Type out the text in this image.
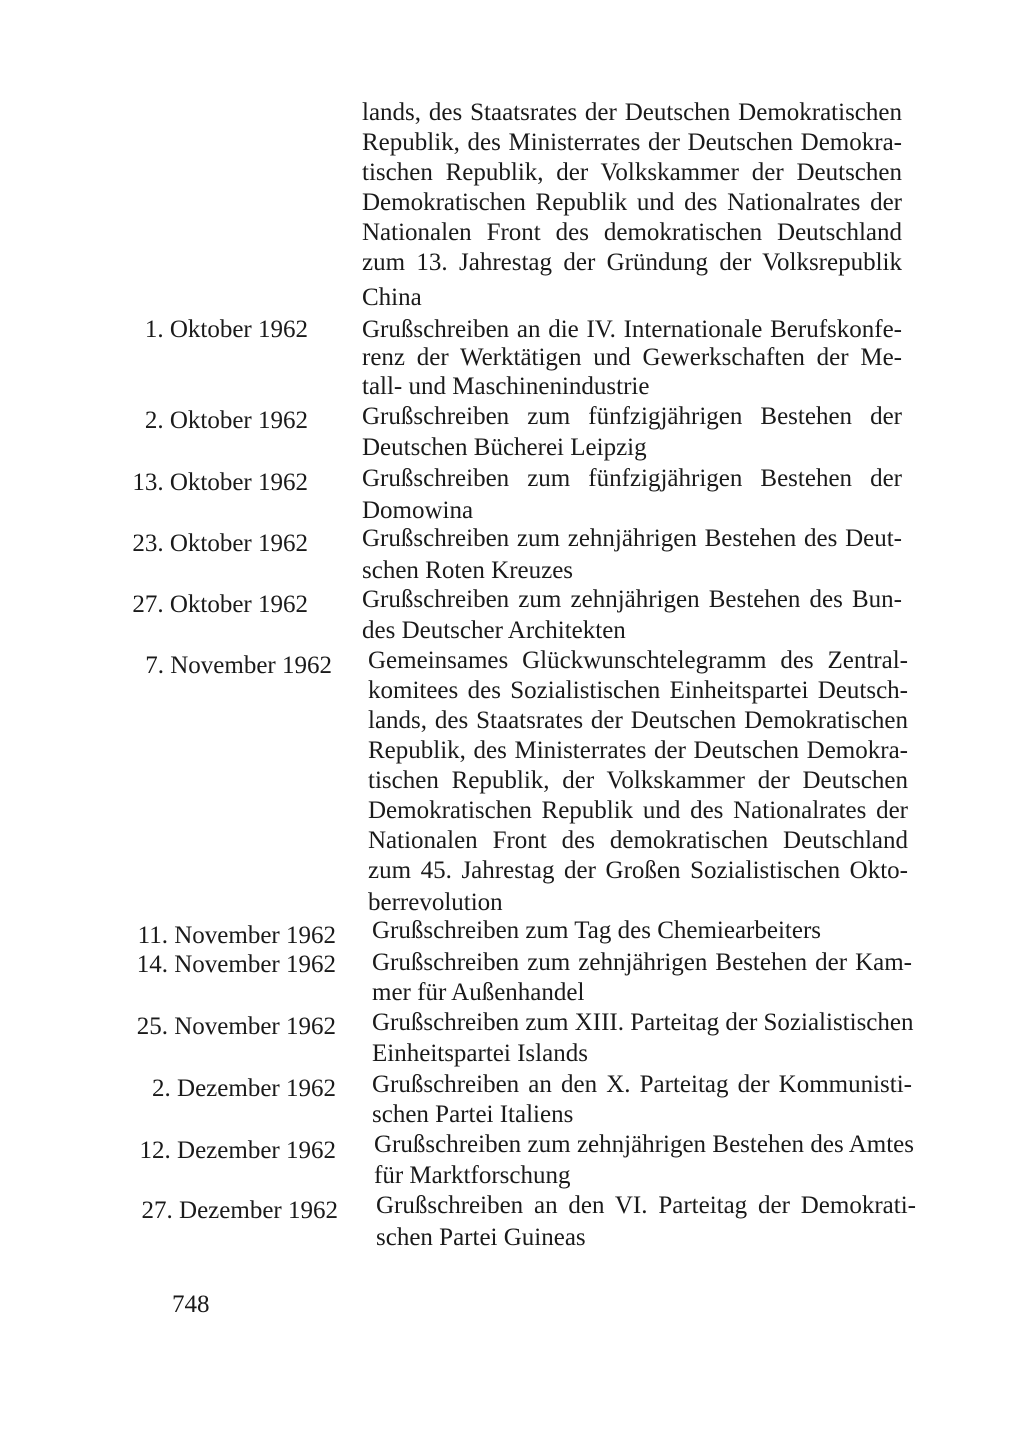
lands, des Staatsrates der Deutschen Demokratischen
Republik, des Ministerrates der Deutschen Demokra-
tischen Republik, der Volkskammer der Deutschen
Demokratischen Republik und des Nationalrates der
Nationalen Front des demokratischen Deutschland
zum 13. Jahrestag der Gründung der Volksrepublik
China
1. Oktober 1962 Grußschreiben an die IV. Internationale Berufskonfe-
renz der Werktätigen und Gewerkschaften der Me-
tall- und Maschinenindustrie
2. Oktober 1962 Grußschreiben zum fünfzigjährigen Bestehen der
Deutschen Bücherei Leipzig
13. Oktober 1962 Grußschreiben zum fünfzigjährigen Bestehen der
Domowina
23. Oktober 1962 Grußschreiben zum zehnjährigen Bestehen des Deut-
schen Roten Kreuzes
27. Oktober 1962 Grußschreiben zum zehnjährigen Bestehen des Bun-
des Deutscher Architekten
7. November 1962 Gemeinsames Glückwunschtelegramm des Zentral-
komitees des Sozialistischen Einheitspartei Deutsch-
lands, des Staatsrates der Deutschen Demokratischen
Republik, des Ministerrates der Deutschen Demokra-
tischen Republik, der Volkskammer der Deutschen
Demokratischen Republik und des Nationalrates der
Nationalen Front des demokratischen Deutschland
zum 45. Jahrestag der Großen Sozialistischen Okto-
berrevolution
11. November 1962 Grußschreiben zum Tag des Chemiearbeiters
14. November 1962 Grußschreiben zum zehnjährigen Bestehen der Kam-
mer für Außenhandel
25. November 1962 Grußschreiben zum XIII. Parteitag der Sozialistischen
Einheitspartei Islands
2. Dezember 1962 Grußschreiben an den X. Parteitag der Kommunisti-
schen Partei Italiens
12. Dezember 1962 Grußschreiben zum zehnjährigen Bestehen des Amtes
für Marktforschung
27. Dezember 1962 Grußschreiben an den VI. Parteitag der Demokrati-
schen Partei Guineas
748
